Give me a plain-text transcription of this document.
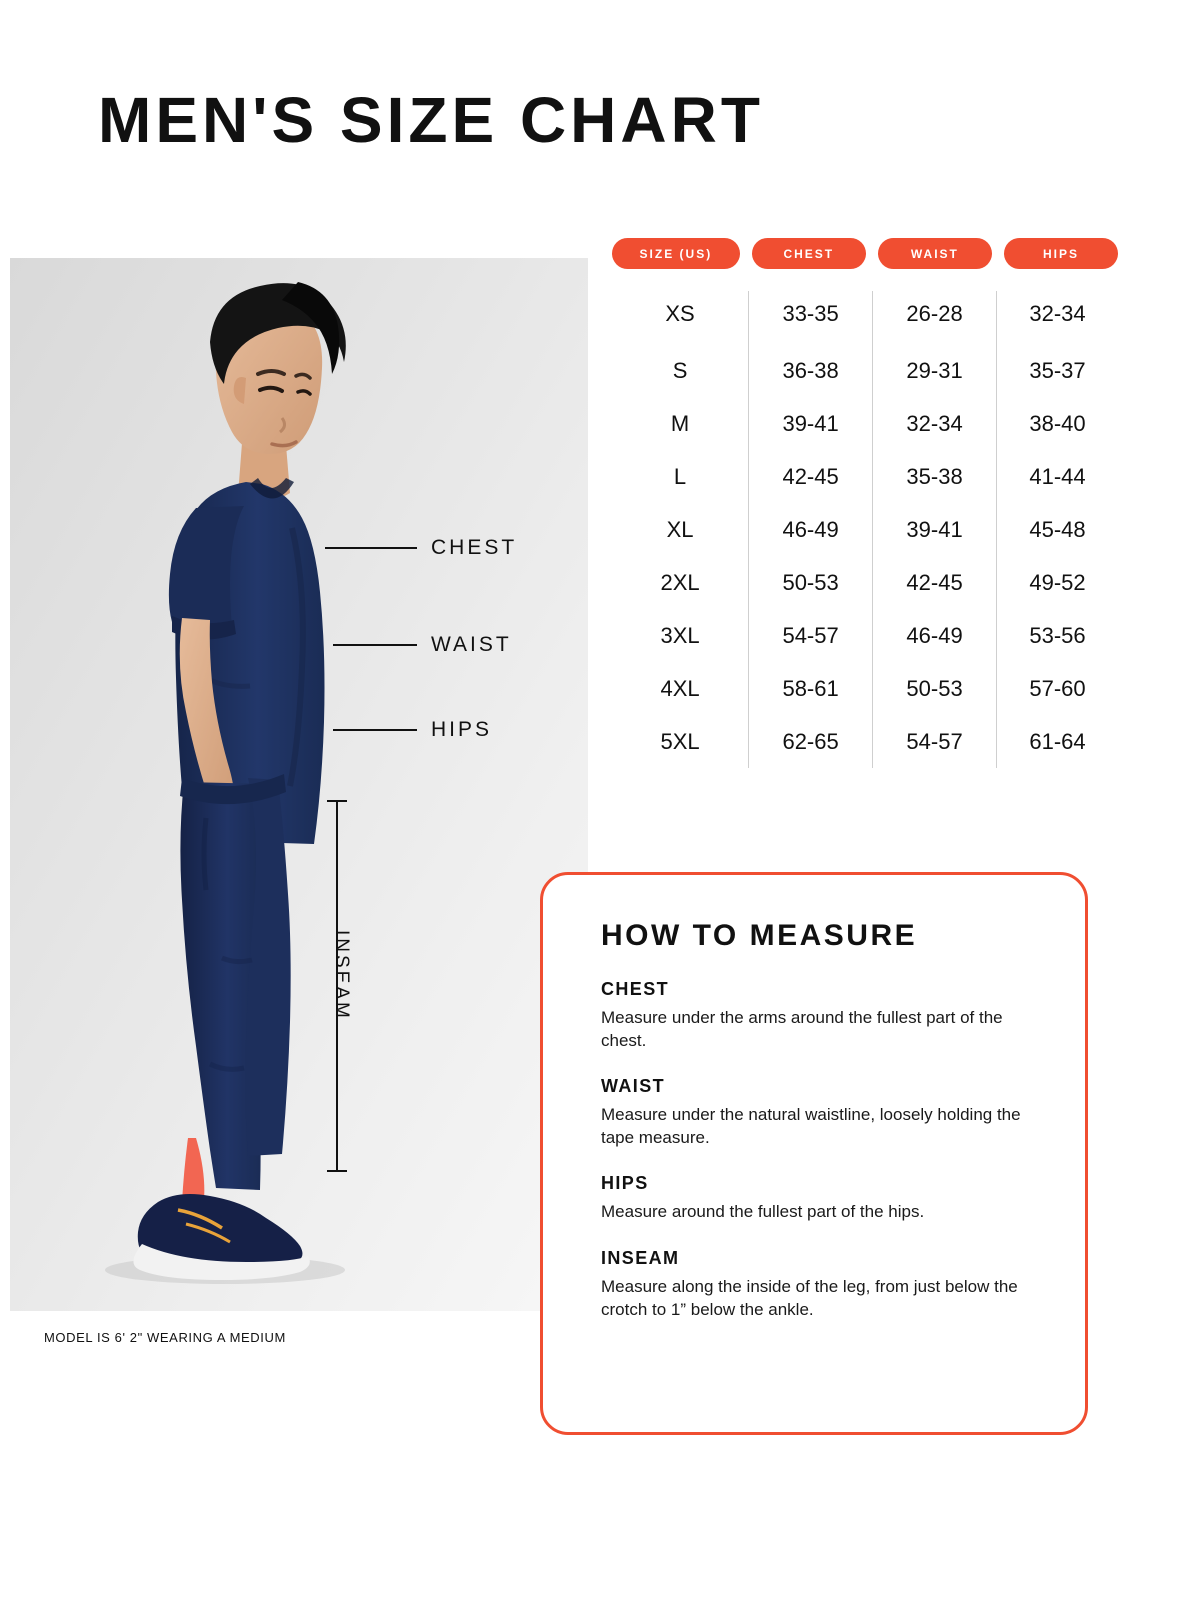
MEN'S SIZE CHART
MODEL IS 6' 2" WEARING A MEDIUM
CHEST
WAIST
HIPS
INSEAM
SIZE (US)	CHEST	WAIST	HIPS
XS	33-35	26-28	32-34
S	36-38	29-31	35-37
M	39-41	32-34	38-40
L	42-45	35-38	41-44
XL	46-49	39-41	45-48
2XL	50-53	42-45	49-52
3XL	54-57	46-49	53-56
4XL	58-61	50-53	57-60
5XL	62-65	54-57	61-64
HOW TO MEASURE
CHEST
Measure under the arms around the fullest part of the chest.
WAIST
Measure under the natural waistline, loosely holding the tape measure.
HIPS
Measure around the fullest part of the hips.
INSEAM
Measure along the inside of the leg, from just below the crotch to 1” below the ankle.
